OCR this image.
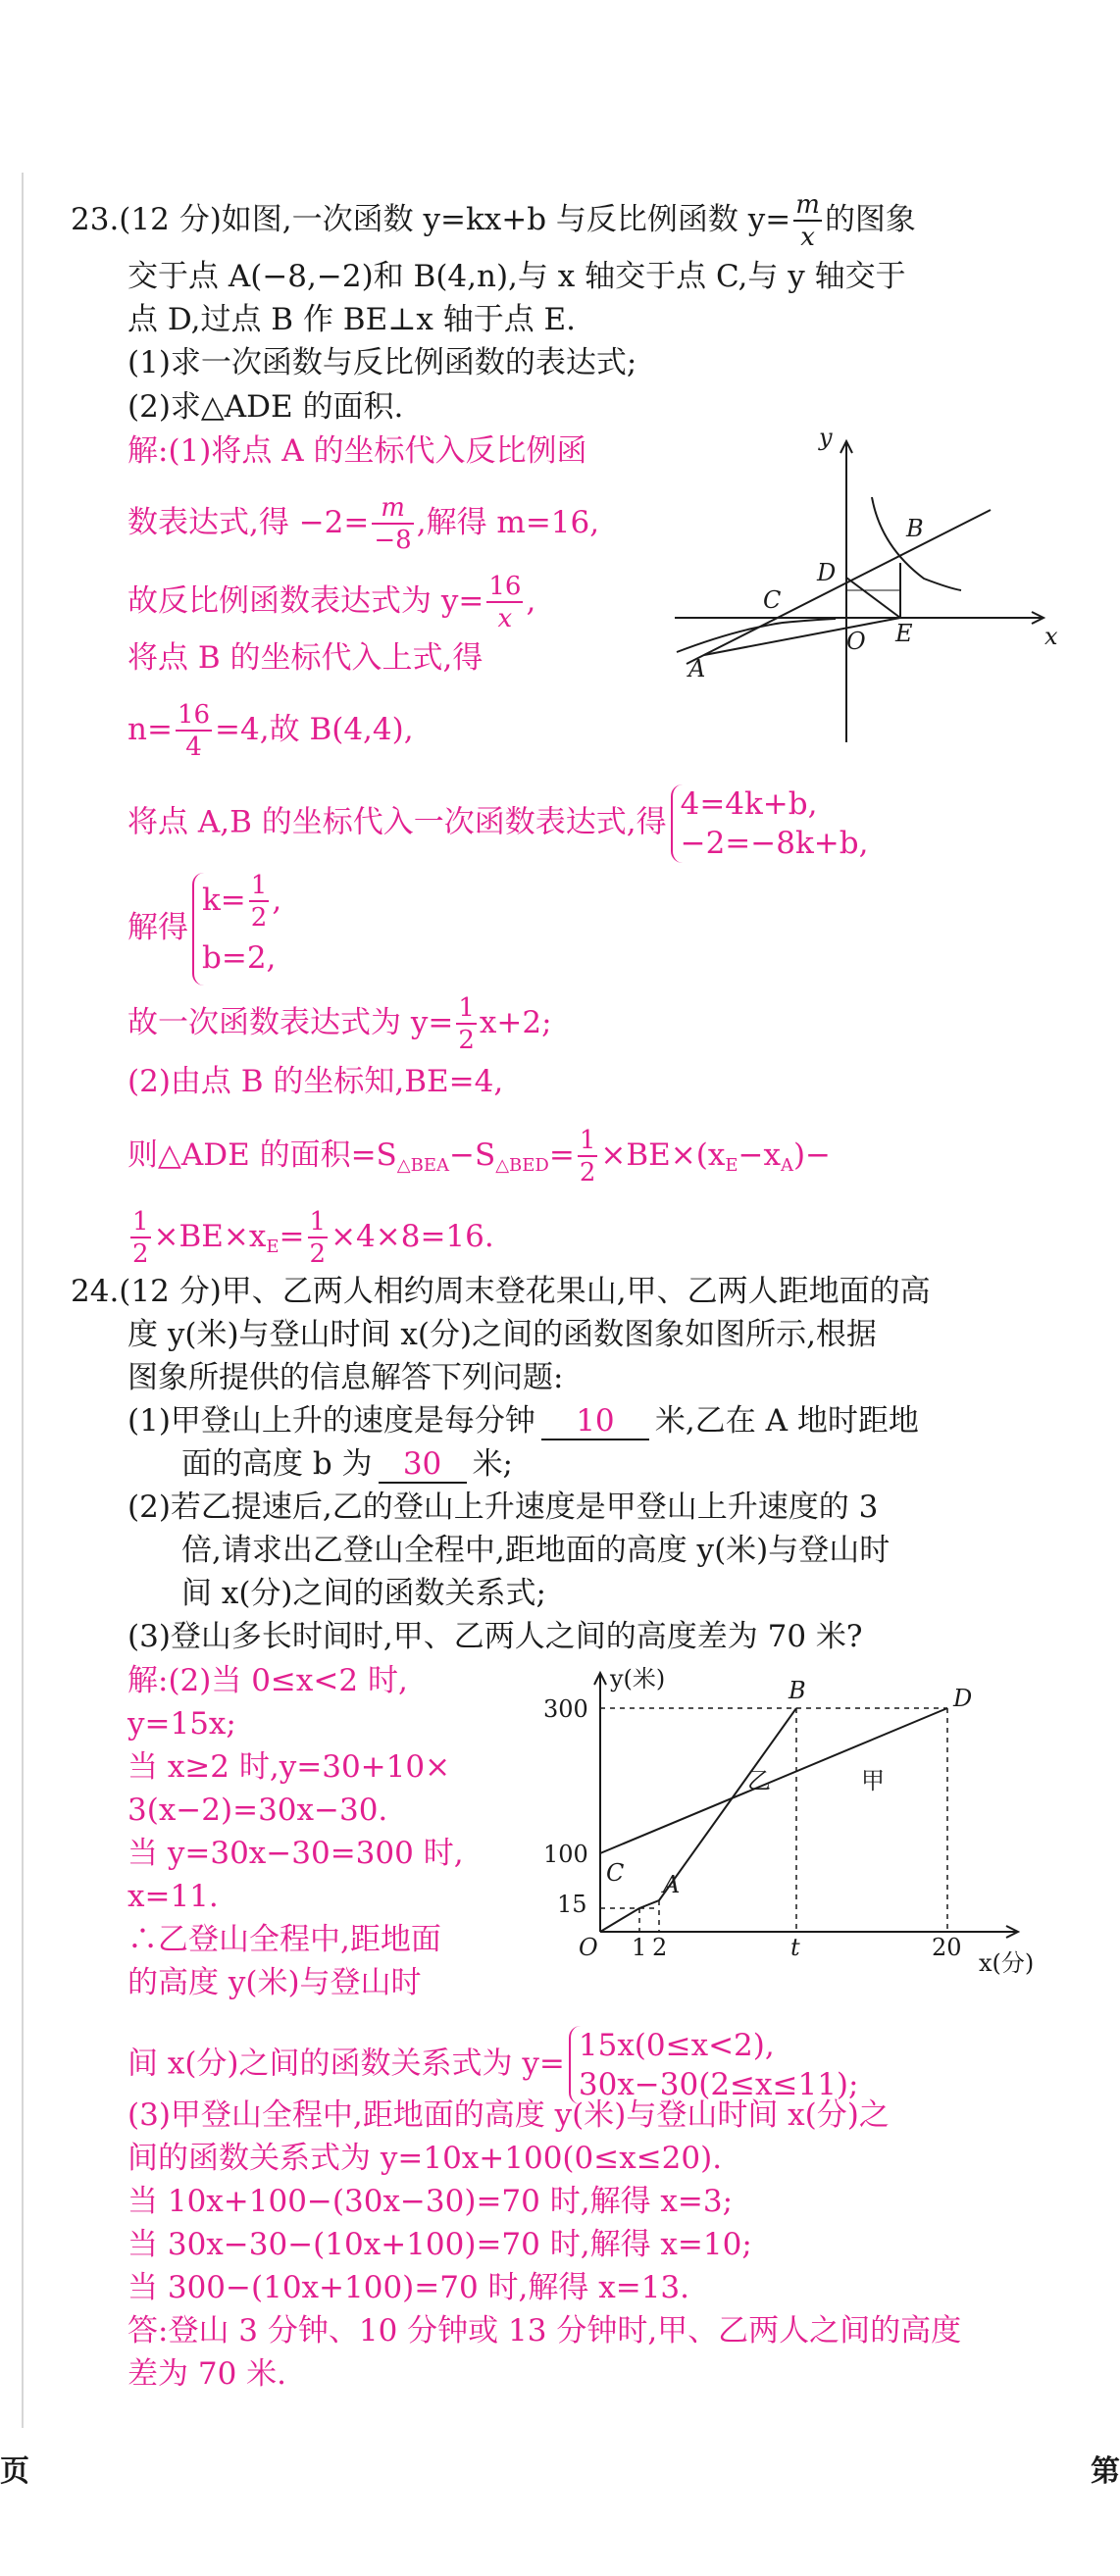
23.(12 分)如图,一次函数 y=kx+b 与反比例函数 $y= \frac{m}{x}$ 的图象
交于点 A(−8,−2)和 B(4,n),与 x 轴交于点 C,与 y 轴交于
点 D,过点 B 作 BE⊥x 轴于点 E.
(1)求一次函数与反比例函数的表达式;
(2)求△ADE 的面积.
解:(1)将点 A 的坐标代入反比例函
数表达式,得 $-2= \frac{m}{-8}$ ,解得 m=16,
故反比例函数表达式为 $y= \frac{16}{x}$ ,
将点 B 的坐标代入上式,得
$n= \frac{16}{4} =4$,故 B(4,4),
将点 A,B 的坐标代入一次函数表达式,得
4=4k+b,
−2=−8k+b,
解得
$k= \frac{1}{2}$ ,
b=2,
故一次函数表达式为 $y= \frac{1}{2} x+2$;
(2)由点 B 的坐标知,BE=4,
则△ADE 的面积$=S_{\triangle BEA}-S_{\triangle BED}= \frac{1}{2} \times BE\times(x_E-x_A)-$
$\frac{1}{2} \times BE\times x_E= \frac{1}{2} \times 4\times 8=16$.
y
x
O
A
B
C
D
E
24.(12 分)甲、乙两人相约周末登花果山,甲、乙两人距地面的高
度 y(米)与登山时间 x(分)之间的函数图象如图所示,根据
图象所提供的信息解答下列问题:
(1)甲登山上升的速度是每分钟 10 米,乙在 A 地时距地
面的高度 b 为 30 米;
(2)若乙提速后,乙的登山上升速度是甲登山上升速度的 3
倍,请求出乙登山全程中,距地面的高度 y(米)与登山时
间 x(分)之间的函数关系式;
(3)登山多长时间时,甲、乙两人之间的高度差为 70 米?
解:(2)当 0≤x<2 时,
y=15x;
当 x≥2 时,y=30+10×
3(x−2)=30x−30.
当 y=30x−30=300 时,
x=11.
∴乙登山全程中,距地面
的高度 y(米)与登山时
间 x(分)之间的函数关系式为 y=
15x(0≤x<2),
30x−30(2≤x≤11);
(3)甲登山全程中,距地面的高度 y(米)与登山时间 x(分)之
间的函数关系式为 y=10x+100(0≤x≤20).
当 10x+100−(30x−30)=70 时,解得 x=3;
当 30x−30−(10x+100)=70 时,解得 x=10;
当 300−(10x+100)=70 时,解得 x=13.
答:登山 3 分钟、10 分钟或 13 分钟时,甲、乙两人之间的高度
差为 70 米.
y(米)
x(分)
300
100
15
O 1 2	t	20
B	D
C A
乙	甲
页	第
